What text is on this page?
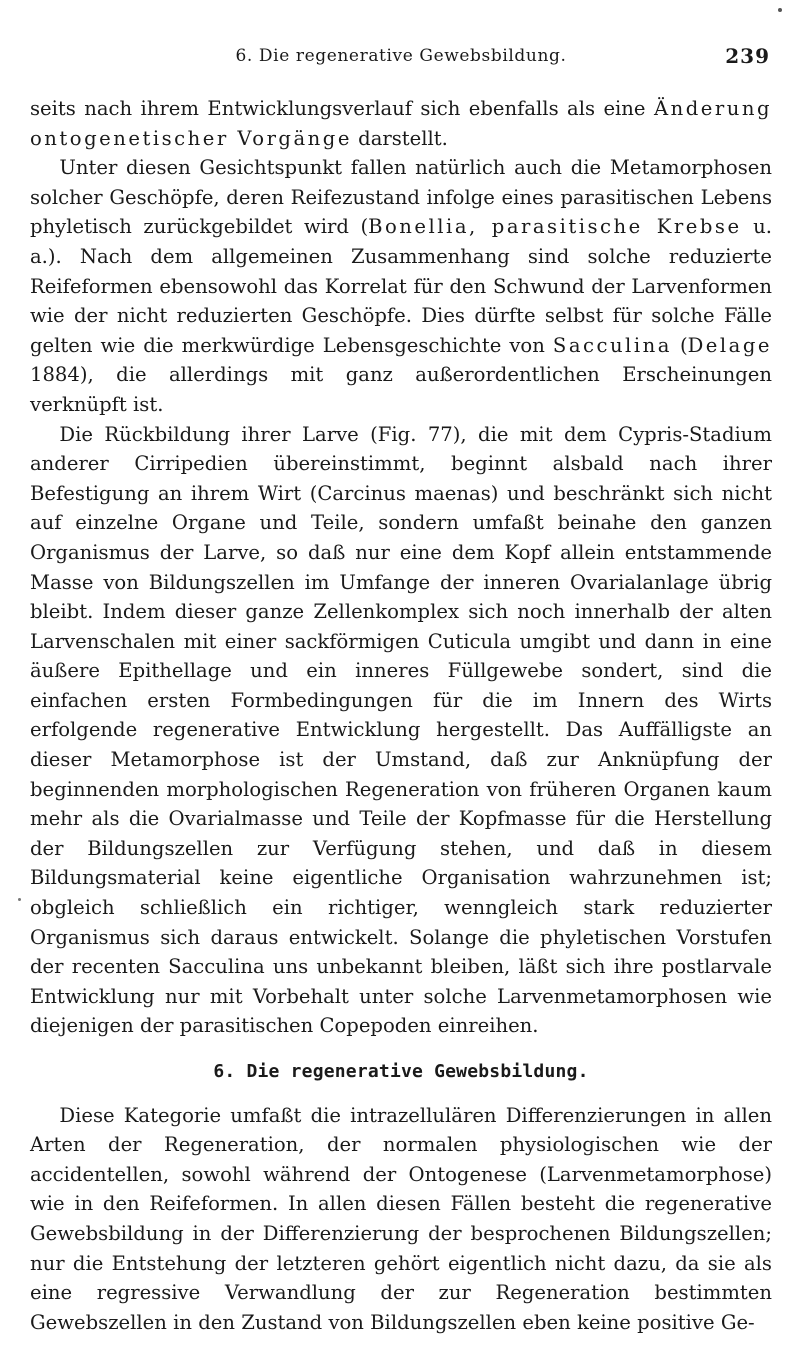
6. Die regenerative Gewebsbildung.	239

seits nach ihrem Entwicklungsverlauf sich ebenfalls als eine Änderung ontogenetischer Vorgänge darstellt.

Unter diesen Gesichtspunkt fallen natürlich auch die Metamorphosen solcher Geschöpfe, deren Reifezustand infolge eines parasitischen Lebens phyletisch zurückgebildet wird (Bonellia, parasitische Krebse u. a.). Nach dem allgemeinen Zusammenhang sind solche reduzierte Reifeformen ebensowohl das Korrelat für den Schwund der Larvenformen wie der nicht reduzierten Geschöpfe. Dies dürfte selbst für solche Fälle gelten wie die merkwürdige Lebensgeschichte von Sacculina (Delage 1884), die allerdings mit ganz außerordentlichen Erscheinungen verknüpft ist.

Die Rückbildung ihrer Larve (Fig. 77), die mit dem Cypris-Stadium anderer Cirripedien übereinstimmt, beginnt alsbald nach ihrer Befestigung an ihrem Wirt (Carcinus maenas) und beschränkt sich nicht auf einzelne Organe und Teile, sondern umfaßt beinahe den ganzen Organismus der Larve, so daß nur eine dem Kopf allein entstammende Masse von Bildungszellen im Umfange der inneren Ovarialanlage übrig bleibt. Indem dieser ganze Zellenkomplex sich noch innerhalb der alten Larvenschalen mit einer sackförmigen Cuticula umgibt und dann in eine äußere Epithellage und ein inneres Füllgewebe sondert, sind die einfachen ersten Formbedingungen für die im Innern des Wirts erfolgende regenerative Entwicklung hergestellt. Das Auffälligste an dieser Metamorphose ist der Umstand, daß zur Anknüpfung der beginnenden morphologischen Regeneration von früheren Organen kaum mehr als die Ovarialmasse und Teile der Kopfmasse für die Herstellung der Bildungszellen zur Verfügung stehen, und daß in diesem Bildungsmaterial keine eigentliche Organisation wahrzunehmen ist; obgleich schließlich ein richtiger, wenngleich stark reduzierter Organismus sich daraus entwickelt. Solange die phyletischen Vorstufen der recenten Sacculina uns unbekannt bleiben, läßt sich ihre postlarvale Entwicklung nur mit Vorbehalt unter solche Larvenmetamorphosen wie diejenigen der parasitischen Copepoden einreihen.

6. Die regenerative Gewebsbildung.

Diese Kategorie umfaßt die intrazellulären Differenzierungen in allen Arten der Regeneration, der normalen physiologischen wie der accidentellen, sowohl während der Ontogenese (Larvenmetamorphose) wie in den Reifeformen. In allen diesen Fällen besteht die regenerative Gewebsbildung in der Differenzierung der besprochenen Bildungszellen; nur die Entstehung der letzteren gehört eigentlich nicht dazu, da sie als eine regressive Verwandlung der zur Regeneration bestimmten Gewebszellen in den Zustand von Bildungszellen eben keine positive Ge-
